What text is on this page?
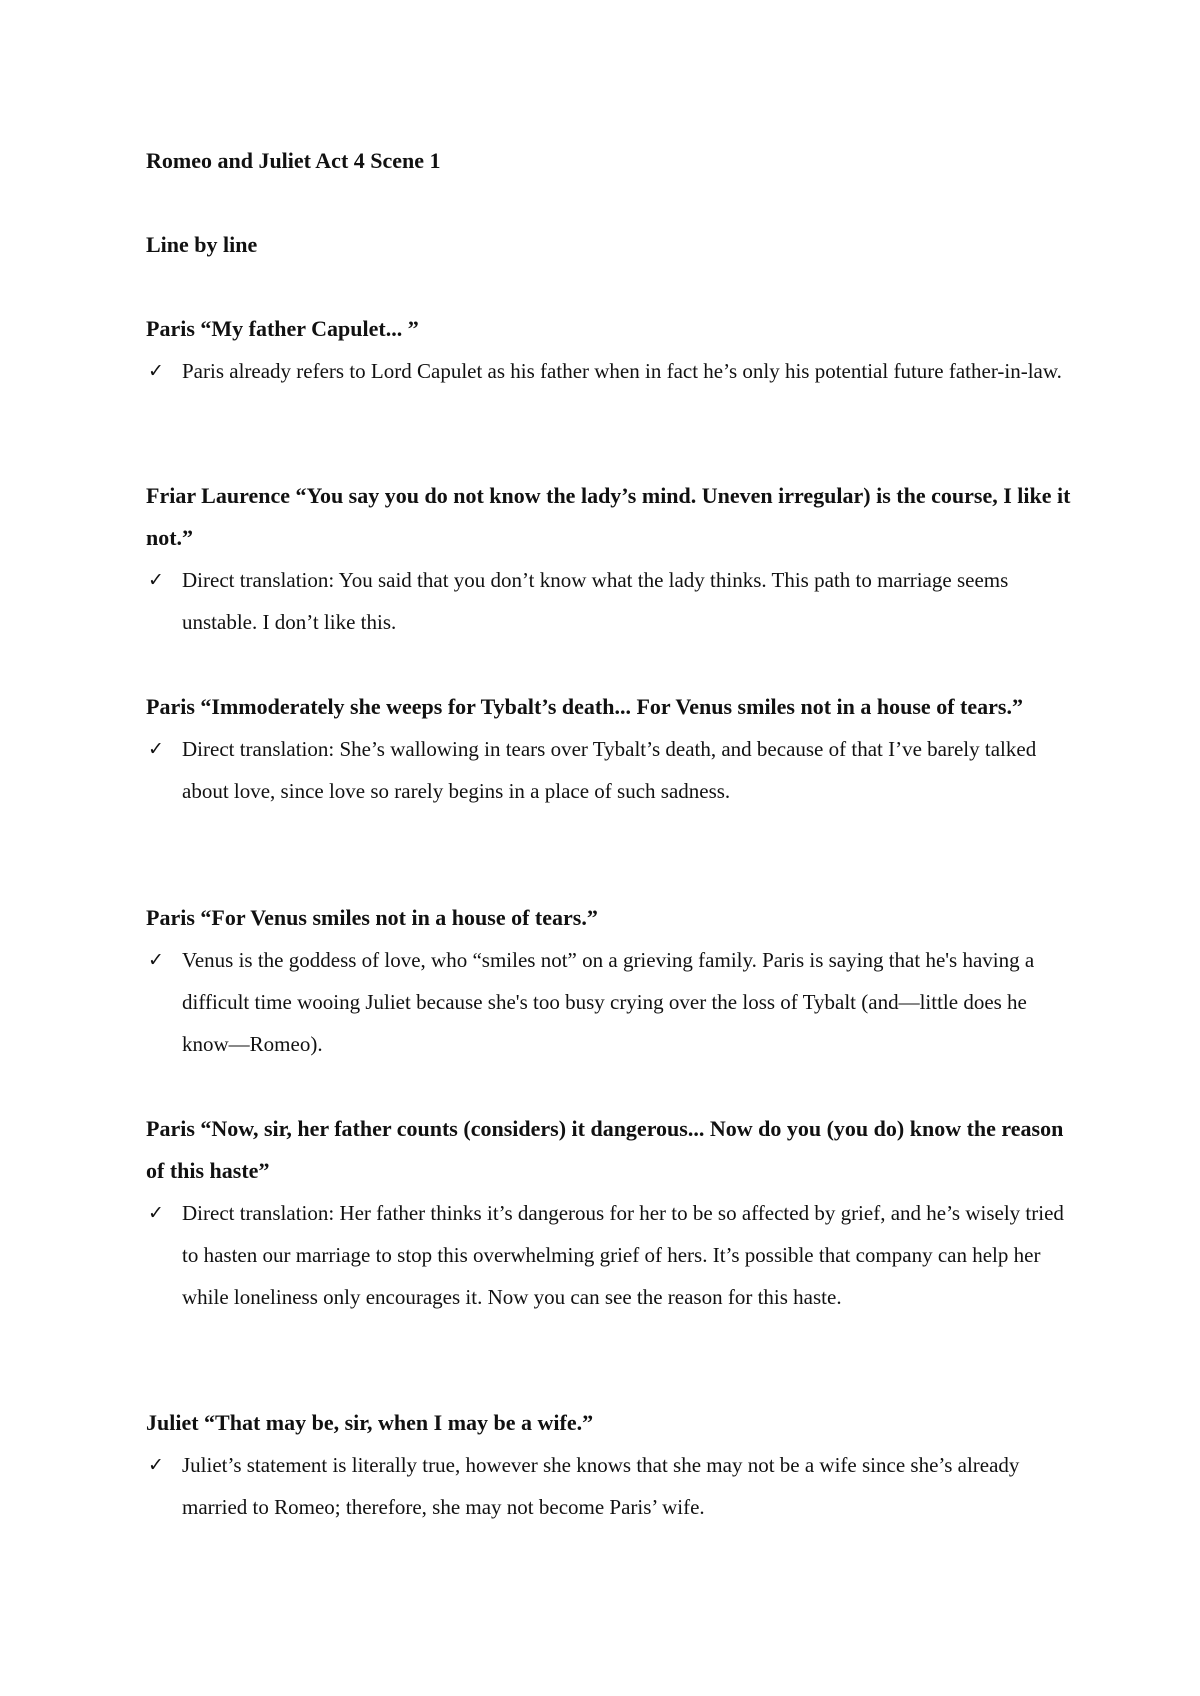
Romeo and Juliet Act 4 Scene 1
Line by line

Paris “My father Capulet... ”

✓ Paris already refers to Lord Capulet as his father when in fact he’s only his potential future father-in-law.

Friar Laurence “You say you do not know the lady’s mind. Uneven irregular) is the course, I like it not.”

✓ Direct translation: You said that you don’t know what the lady thinks. This path to marriage seems unstable. I don’t like this.

Paris “Immoderately she weeps for Tybalt’s death... For Venus smiles not in a house of tears.”

✓ Direct translation: She’s wallowing in tears over Tybalt’s death, and because of that I’ve barely talked about love, since love so rarely begins in a place of such sadness.

Paris “For Venus smiles not in a house of tears.”

✓ Venus is the goddess of love, who “smiles not” on a grieving family. Paris is saying that he's having a difficult time wooing Juliet because she's too busy crying over the loss of Tybalt (and—little does he know—Romeo).

Paris “Now, sir, her father counts (considers) it dangerous... Now do you (you do) know the reason of this haste”

✓ Direct translation: Her father thinks it’s dangerous for her to be so affected by grief, and he’s wisely tried to hasten our marriage to stop this overwhelming grief of hers. It’s possible that company can help her while loneliness only encourages it. Now you can see the reason for this haste.

Juliet “That may be, sir, when I may be a wife.”

✓ Juliet’s statement is literally true, however she knows that she may not be a wife since she’s already married to Romeo; therefore, she may not become Paris’ wife.
